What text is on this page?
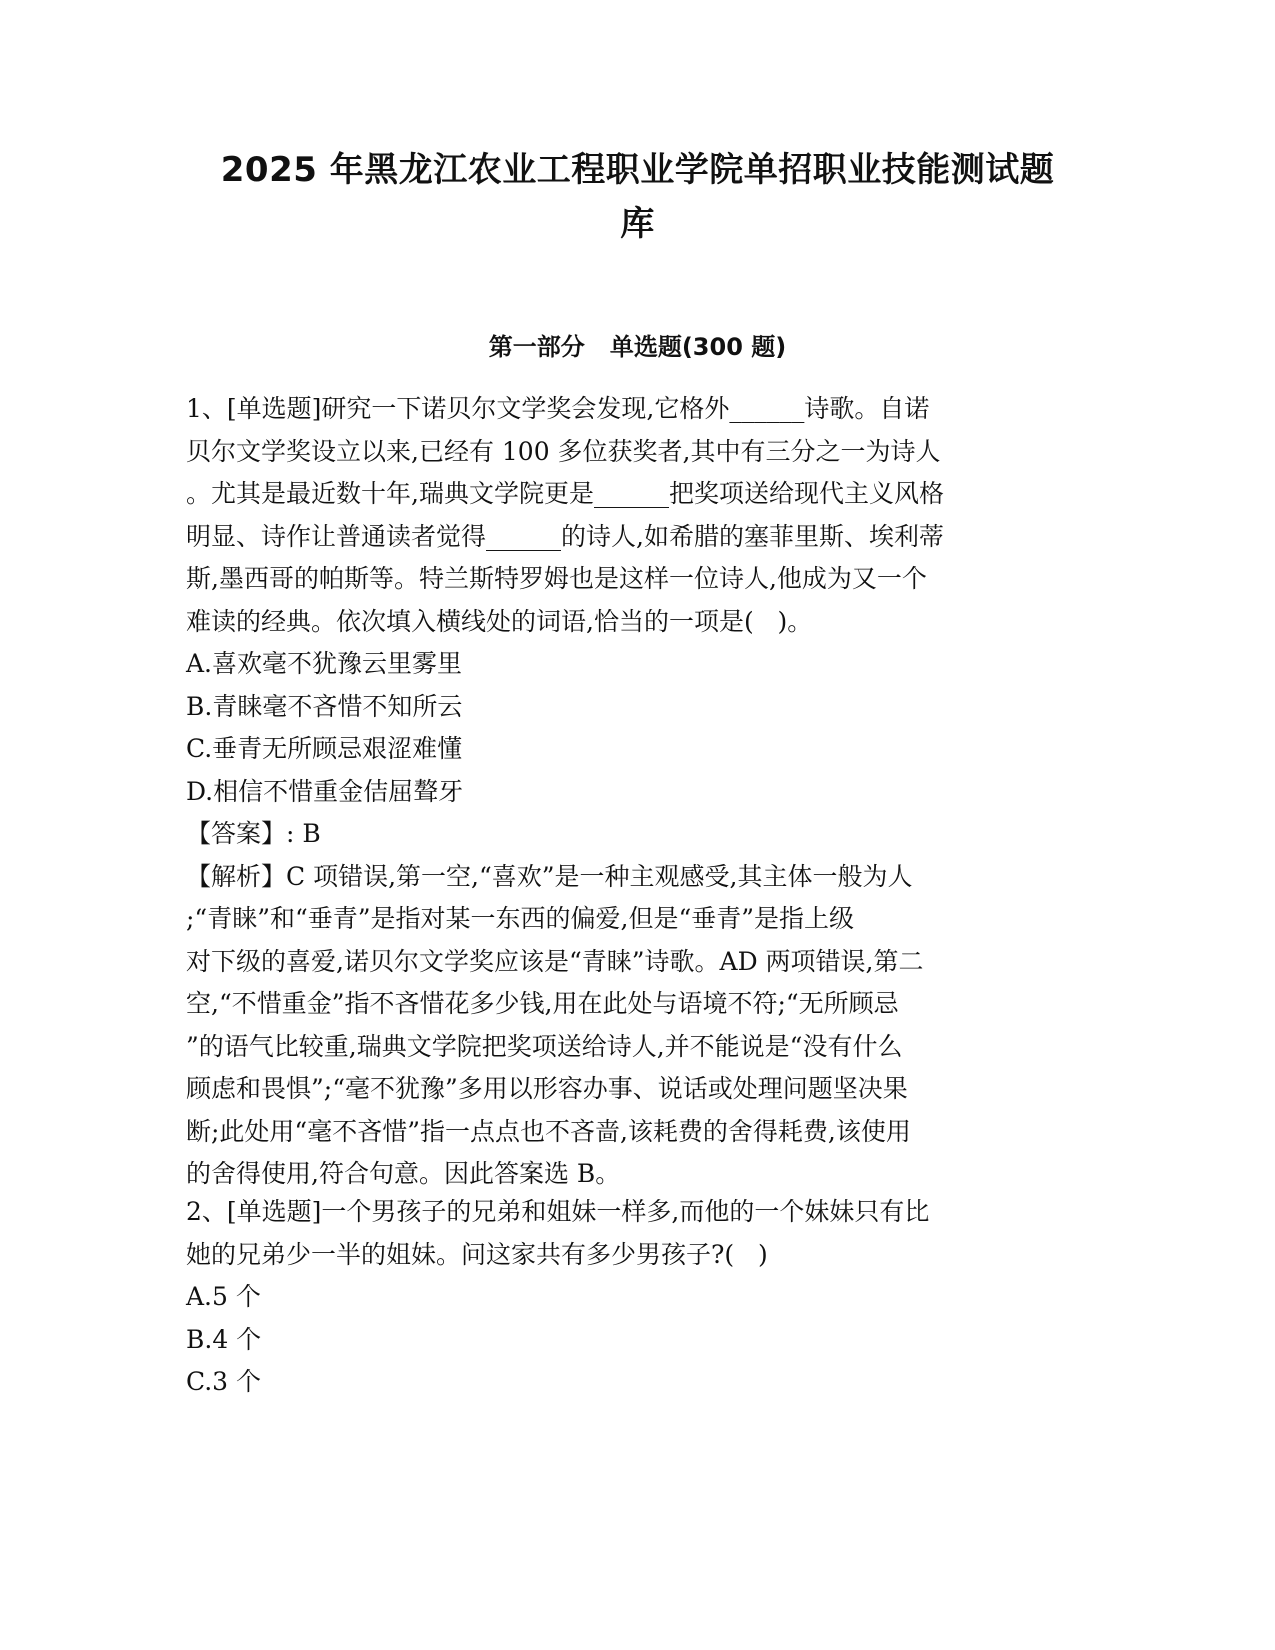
2025 年黑龙江农业工程职业学院单招职业技能测试题
库
第一部分   单选题(300 题)
1、[单选题]研究一下诺贝尔文学奖会发现,它格外______诗歌。自诺
贝尔文学奖设立以来,已经有 100 多位获奖者,其中有三分之一为诗人
。尤其是最近数十年,瑞典文学院更是______把奖项送给现代主义风格
明显、诗作让普通读者觉得______的诗人,如希腊的塞菲里斯、埃利蒂
斯,墨西哥的帕斯等。特兰斯特罗姆也是这样一位诗人,他成为又一个
难读的经典。依次填入横线处的词语,恰当的一项是(   )。
A.喜欢毫不犹豫云里雾里
B.青睐毫不吝惜不知所云
C.垂青无所顾忌艰涩难懂
D.相信不惜重金佶屈聱牙
【答案】: B
【解析】C 项错误,第一空,“喜欢”是一种主观感受,其主体一般为人
;“青睐”和“垂青”是指对某一东西的偏爱,但是“垂青”是指上级
对下级的喜爱,诺贝尔文学奖应该是“青睐”诗歌。AD 两项错误,第二
空,“不惜重金”指不吝惜花多少钱,用在此处与语境不符;“无所顾忌
”的语气比较重,瑞典文学院把奖项送给诗人,并不能说是“没有什么
顾虑和畏惧”;“毫不犹豫”多用以形容办事、说话或处理问题坚决果
断;此处用“毫不吝惜”指一点点也不吝啬,该耗费的舍得耗费,该使用
的舍得使用,符合句意。因此答案选 B。
2、[单选题]一个男孩子的兄弟和姐妹一样多,而他的一个妹妹只有比
她的兄弟少一半的姐妹。问这家共有多少男孩子?(   )
A.5 个
B.4 个
C.3 个
